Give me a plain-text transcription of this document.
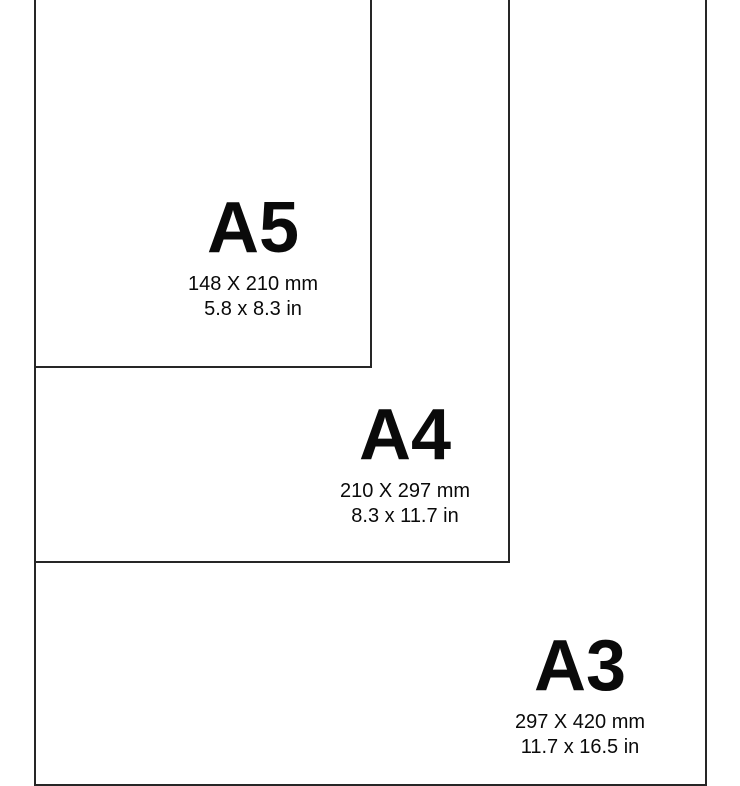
A5
148 X 210 mm
5.8 x 8.3 in
A4
210 X 297 mm
8.3 x 11.7 in
A3
297 X 420 mm
11.7 x 16.5 in
